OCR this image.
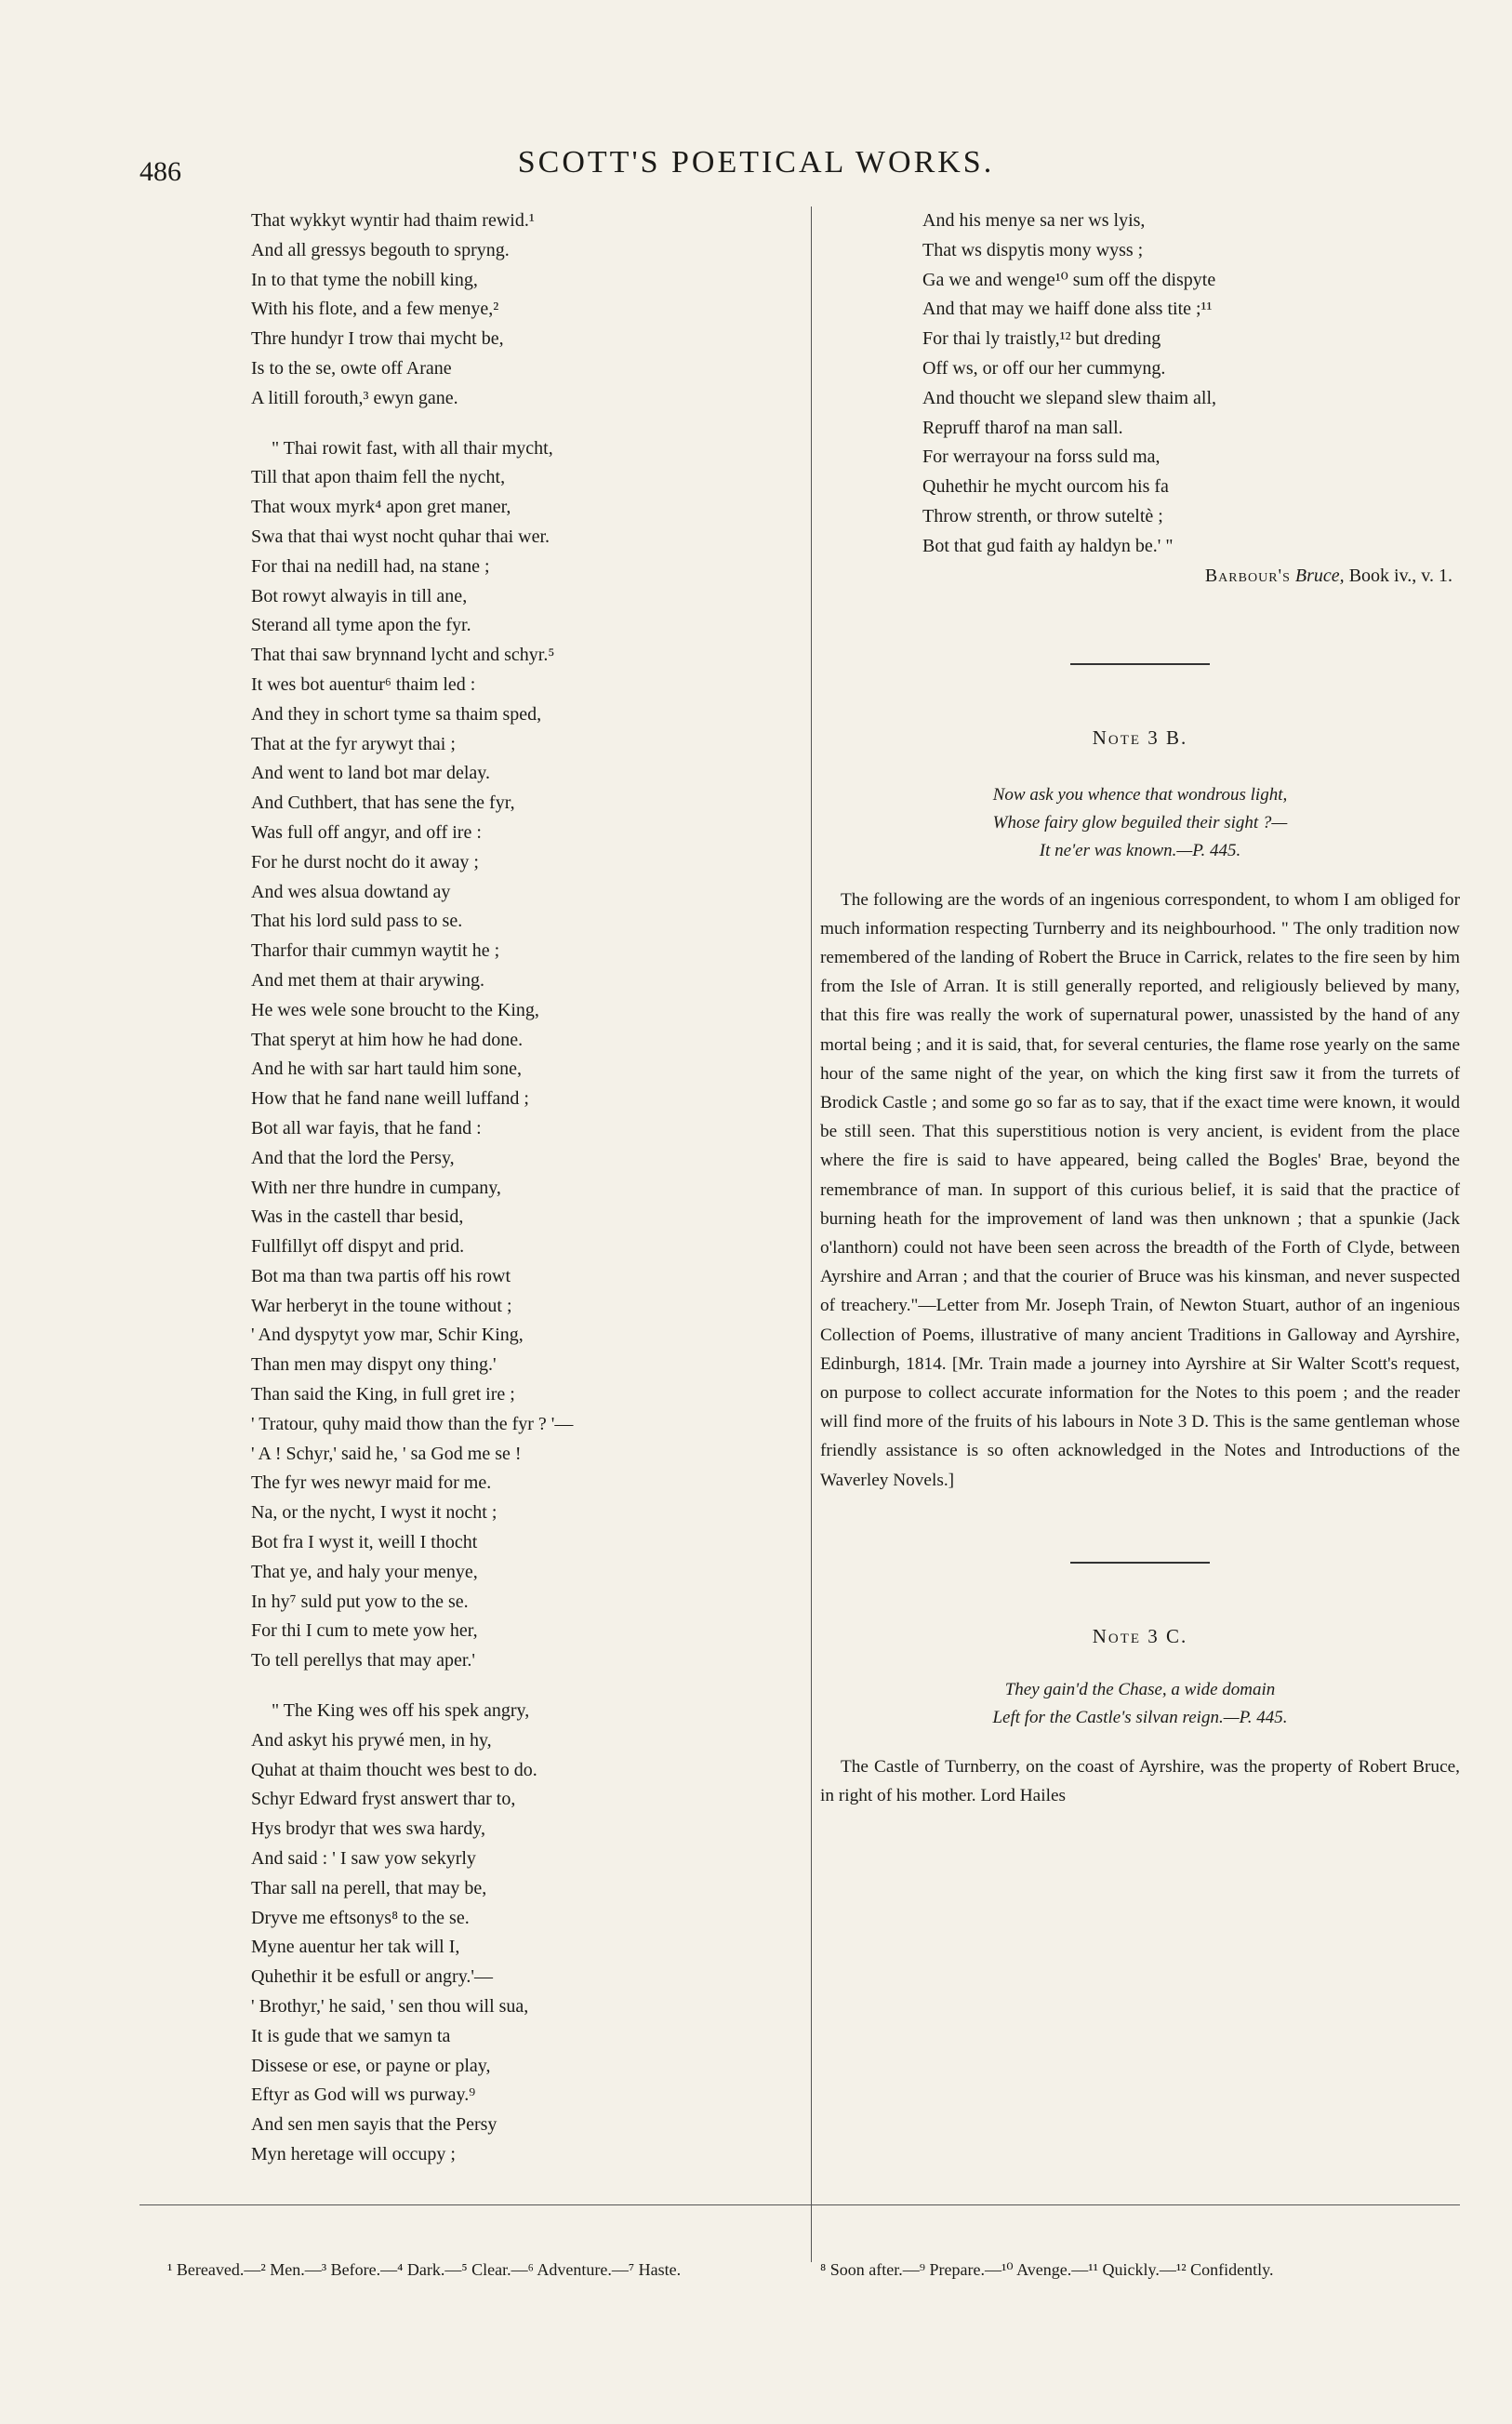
486	SCOTT'S POETICAL WORKS.
That wykkyt wyntir had thaim rewid.¹
And all gressys begouth to spryng.
In to that tyme the nobill king,
With his flote, and a few menye,²
Thre hundyr I trow thai mycht be,
Is to the se, owte off Arane
A litill forouth,³ ewyn gane.
" Thai rowit fast, with all thair mycht,
Till that apon thaim fell the nycht,
That woux myrk⁴ apon gret maner,
Swa that thai wyst nocht quhar thai wer.
For thai na nedill had, na stane ;
Bot rowyt alwayis in till ane,
Sterand all tyme apon the fyr.
That thai saw brynnand lycht and schyr.⁵
It wes bot auentur⁶ thaim led :
And they in schort tyme sa thaim sped,
That at the fyr arywyt thai ;
And went to land bot mar delay.
And Cuthbert, that has sene the fyr,
Was full off angyr, and off ire :
For he durst nocht do it away ;
And wes alsua dowtand ay
That his lord suld pass to se.
Tharfor thair cummyn waytit he ;
And met them at thair arywing.
He wes wele sone broucht to the King,
That speryt at him how he had done.
And he with sar hart tauld him sone,
How that he fand nane weill luffand ;
Bot all war fayis, that he fand :
And that the lord the Persy,
With ner thre hundre in cumpany,
Was in the castell thar besid,
Fullfillyt off dispyt and prid.
Bot ma than twa partis off his rowt
War herberyt in the toune without ;
' And dyspytyt yow mar, Schir King,
Than men may dispyt ony thing.'
Than said the King, in full gret ire ;
' Tratour, quhy maid thow than the fyr ? '—
' A ! Schyr,' said he, ' sa God me se !
The fyr wes newyr maid for me.
Na, or the nycht, I wyst it nocht ;
Bot fra I wyst it, weill I thocht
That ye, and haly your menye,
In hy⁷ suld put yow to the se.
For thi I cum to mete yow her,
To tell perellys that may aper.'
" The King wes off his spek angry,
And askyt his prywé men, in hy,
Quhat at thaim thoucht wes best to do.
Schyr Edward fryst answert thar to,
Hys brodyr that wes swa hardy,
And said : ' I saw yow sekyrly
Thar sall na perell, that may be,
Dryve me eftsonys⁸ to the se.
Myne auentur her tak will I,
Quhethir it be esfull or angry.'—
' Brothyr,' he said, ' sen thou will sua,
It is gude that we samyn ta
Dissese or ese, or payne or play,
Eftyr as God will ws purway.⁹
And sen men sayis that the Persy
Myn heretage will occupy ;
And his menye sa ner ws lyis,
That ws dispytis mony wyss ;
Ga we and wenge¹⁰ sum off the dispyte
And that may we haiff done alss tite ;¹¹
For thai ly traistly,¹² but dreding
Off ws, or off our her cummyng.
And thoucht we slepand slew thaim all,
Repruff tharof na man sall.
For werrayour na forss suld ma,
Quhethir he mycht ourcom his fa
Throw strenth, or throw suteltè ;
Bot that gud faith ay haldyn be.' "
Barbour's Bruce, Book iv., v. 1.
Note 3 B.
Now ask you whence that wondrous light,
Whose fairy glow beguiled their sight ?—
It ne'er was known.—P. 445.
The following are the words of an ingenious correspondent, to whom I am obliged for much information respecting Turnberry and its neighbourhood. " The only tradition now remembered of the landing of Robert the Bruce in Carrick, relates to the fire seen by him from the Isle of Arran. It is still generally reported, and religiously believed by many, that this fire was really the work of supernatural power, unassisted by the hand of any mortal being ; and it is said, that, for several centuries, the flame rose yearly on the same hour of the same night of the year, on which the king first saw it from the turrets of Brodick Castle ; and some go so far as to say, that if the exact time were known, it would be still seen. That this superstitious notion is very ancient, is evident from the place where the fire is said to have appeared, being called the Bogles' Brae, beyond the remembrance of man. In support of this curious belief, it is said that the practice of burning heath for the improvement of land was then unknown ; that a spunkie (Jack o'lanthorn) could not have been seen across the breadth of the Forth of Clyde, between Ayrshire and Arran ; and that the courier of Bruce was his kinsman, and never suspected of treachery."—Letter from Mr. Joseph Train, of Newton Stuart, author of an ingenious Collection of Poems, illustrative of many ancient Traditions in Galloway and Ayrshire, Edinburgh, 1814. [Mr. Train made a journey into Ayrshire at Sir Walter Scott's request, on purpose to collect accurate information for the Notes to this poem ; and the reader will find more of the fruits of his labours in Note 3 D. This is the same gentleman whose friendly assistance is so often acknowledged in the Notes and Introductions of the Waverley Novels.]
Note 3 C.
They gain'd the Chase, a wide domain
Left for the Castle's silvan reign.—P. 445.
The Castle of Turnberry, on the coast of Ayrshire, was the property of Robert Bruce, in right of his mother. Lord Hailes
¹ Bereaved.—² Men.—³ Before.—⁴ Dark.—⁵ Clear.—⁶ Adventure.—⁷ Haste.	⁸ Soon after.—⁹ Prepare.—¹⁰ Avenge.—¹¹ Quickly.—¹² Confidently.
